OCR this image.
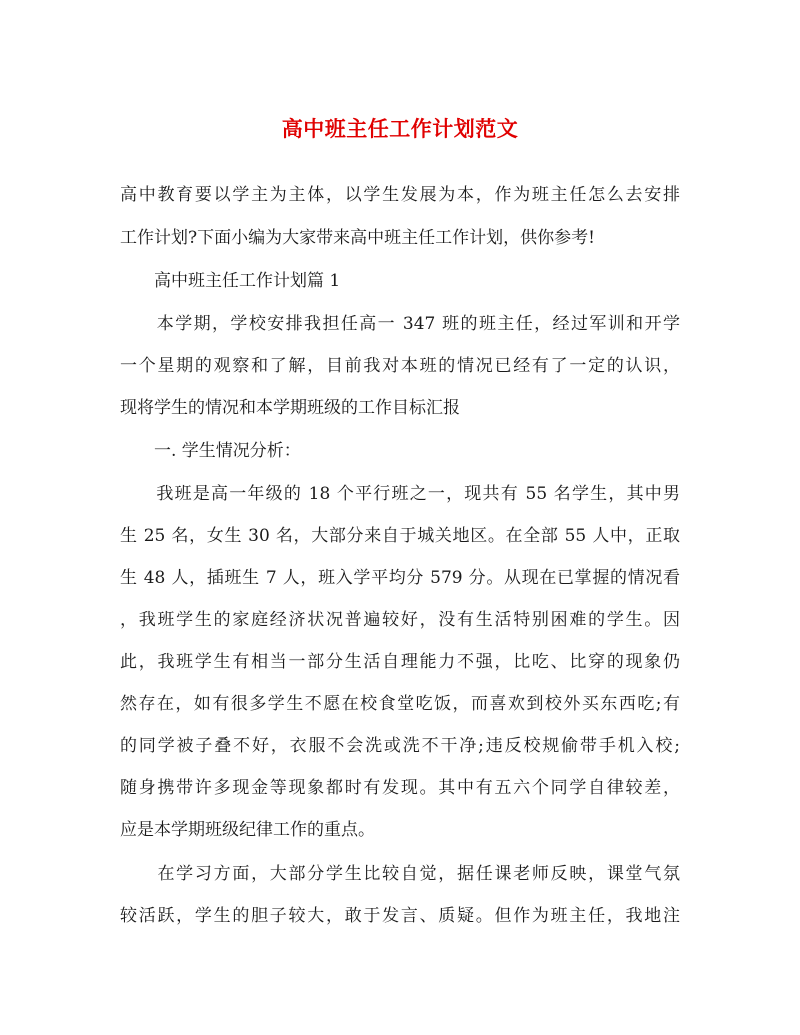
高中班主任工作计划范文
高中教育要以学主为主体，以学生发展为本，作为班主任怎么去安排
工作计划?下面小编为大家带来高中班主任工作计划，供你参考!
　　高中班主任工作计划篇 1
　　本学期，学校安排我担任高一 347 班的班主任，经过军训和开学
一个星期的观察和了解，目前我对本班的情况已经有了一定的认识，
现将学生的情况和本学期班级的工作目标汇报
　　一. 学生情况分析：
　　我班是高一年级的 18 个平行班之一，现共有 55 名学生，其中男
生 25 名，女生 30 名，大部分来自于城关地区。在全部 55 人中，正取
生 48 人，插班生 7 人，班入学平均分 579 分。从现在已掌握的情况看
，我班学生的家庭经济状况普遍较好，没有生活特别困难的学生。因
此，我班学生有相当一部分生活自理能力不强，比吃、比穿的现象仍
然存在，如有很多学生不愿在校食堂吃饭，而喜欢到校外买东西吃;有
的同学被子叠不好，衣服不会洗或洗不干净;违反校规偷带手机入校;
随身携带许多现金等现象都时有发现。其中有五六个同学自律较差，
应是本学期班级纪律工作的重点。
　　在学习方面，大部分学生比较自觉，据任课老师反映，课堂气氛
较活跃，学生的胆子较大，敢于发言、质疑。但作为班主任，我地注
